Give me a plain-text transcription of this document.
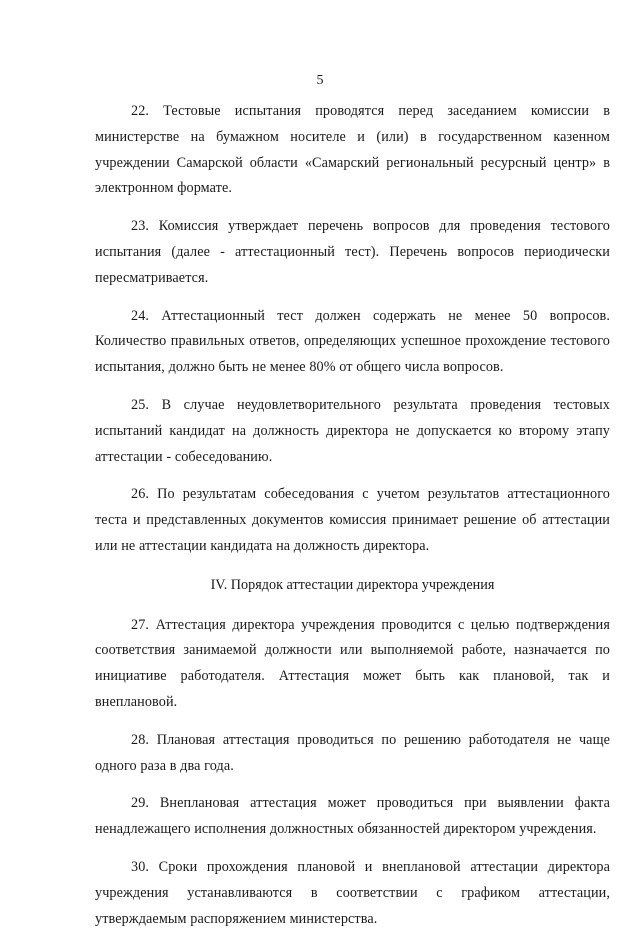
5

22. Тестовые испытания проводятся перед заседанием комиссии в министерстве на бумажном носителе и (или) в государственном казенном учреждении Самарской области «Самарский региональный ресурсный центр» в электронном формате.

23. Комиссия утверждает перечень вопросов для проведения тестового испытания (далее - аттестационный тест). Перечень вопросов периодически пересматривается.

24. Аттестационный тест должен содержать не менее 50 вопросов. Количество правильных ответов, определяющих успешное прохождение тестового испытания, должно быть не менее 80% от общего числа вопросов.

25. В случае неудовлетворительного результата проведения тестовых испытаний кандидат на должность директора не допускается ко второму этапу аттестации - собеседованию.

26. По результатам собеседования с учетом результатов аттестационного теста и представленных документов комиссия принимает решение об аттестации или не аттестации кандидата на должность директора.

IV. Порядок аттестации директора учреждения

27. Аттестация директора учреждения проводится с целью подтверждения соответствия занимаемой должности или выполняемой работе, назначается по инициативе работодателя. Аттестация может быть как плановой, так и внеплановой.

28. Плановая аттестация проводиться по решению работодателя не чаще одного раза в два года.

29. Внеплановая аттестация может проводиться при выявлении факта ненадлежащего исполнения должностных обязанностей директором учреждения.

30. Сроки прохождения плановой и внеплановой аттестации директора учреждения устанавливаются в соответствии с графиком аттестации, утверждаемым распоряжением министерства.
